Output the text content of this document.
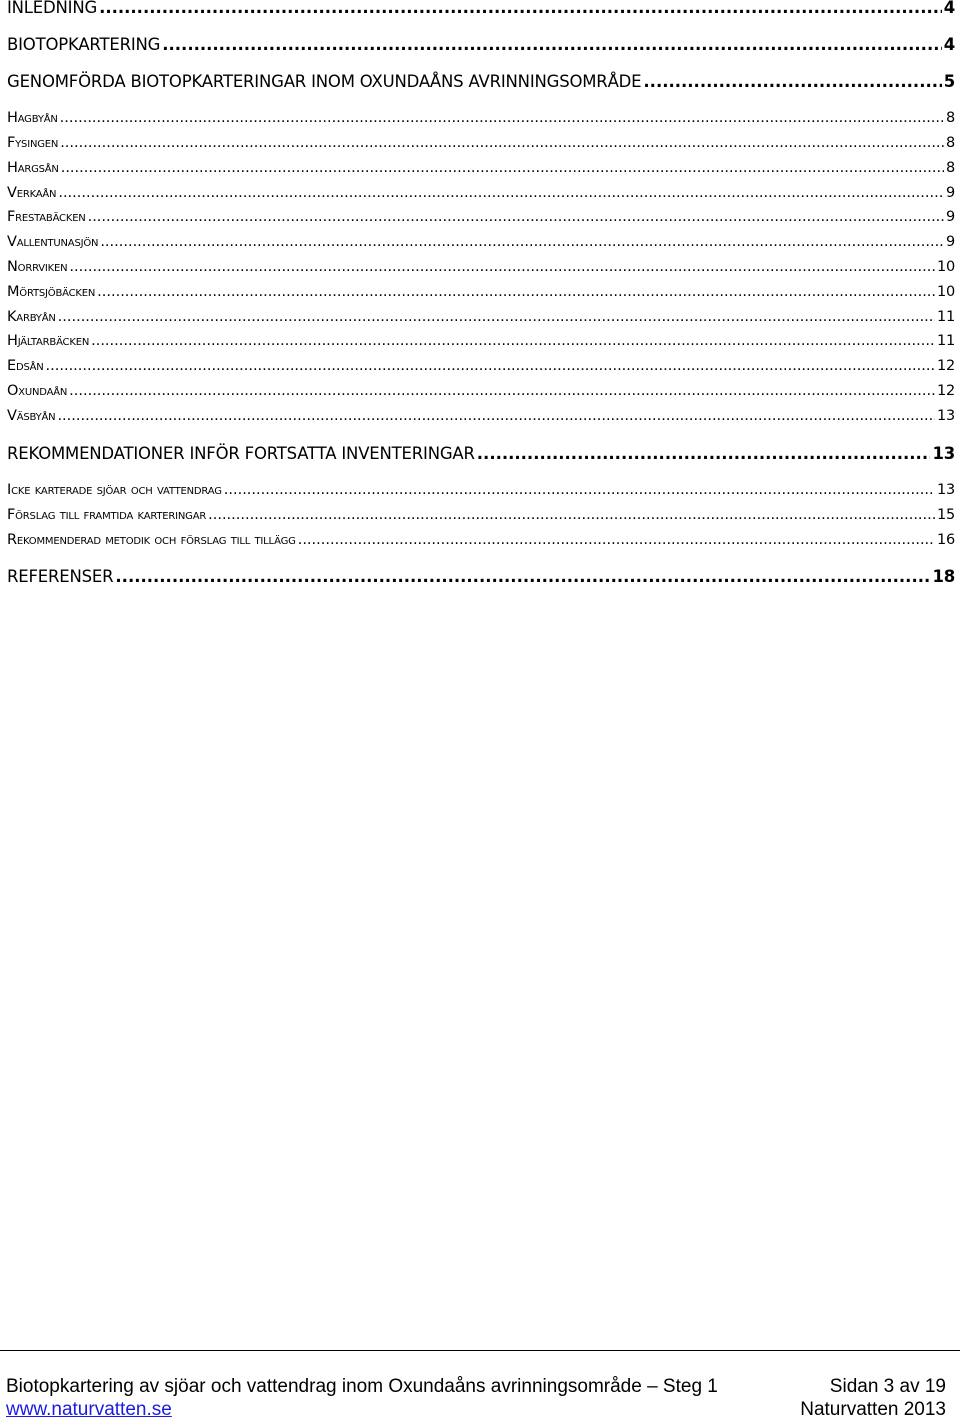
INLEDNING .....	4
BIOTOPKARTERING .....	4
GENOMFÖRDA BIOTOPKARTERINGAR INOM OXUNDAÅNS AVRINNINGSOMRÅDE .....	5
Hagbyån .....	8
Fysingen .....	8
Hargsån .....	8
Verkaån .....	9
Frestabäcken .....	9
Vallentunasjön .....	9
Norrviken .....	10
Mörtsjöbäcken .....	10
Karbyån .....	11
Hjältarbäcken .....	11
Edsån .....	12
Oxundaån .....	12
Väsbyån .....	13
REKOMMENDATIONER INFÖR FORTSATTA INVENTERINGAR .....	13
Icke karterade sjöar och vattendrag .....	13
Förslag till framtida karteringar .....	15
Rekommenderad metodik och förslag till tillägg .....	16
REFERENSER .....	18
Biotopkartering av sjöar och vattendrag inom Oxundaåns avrinningsområde – Steg 1	Sidan 3 av 19
www.naturvatten.se	Naturvatten 2013
